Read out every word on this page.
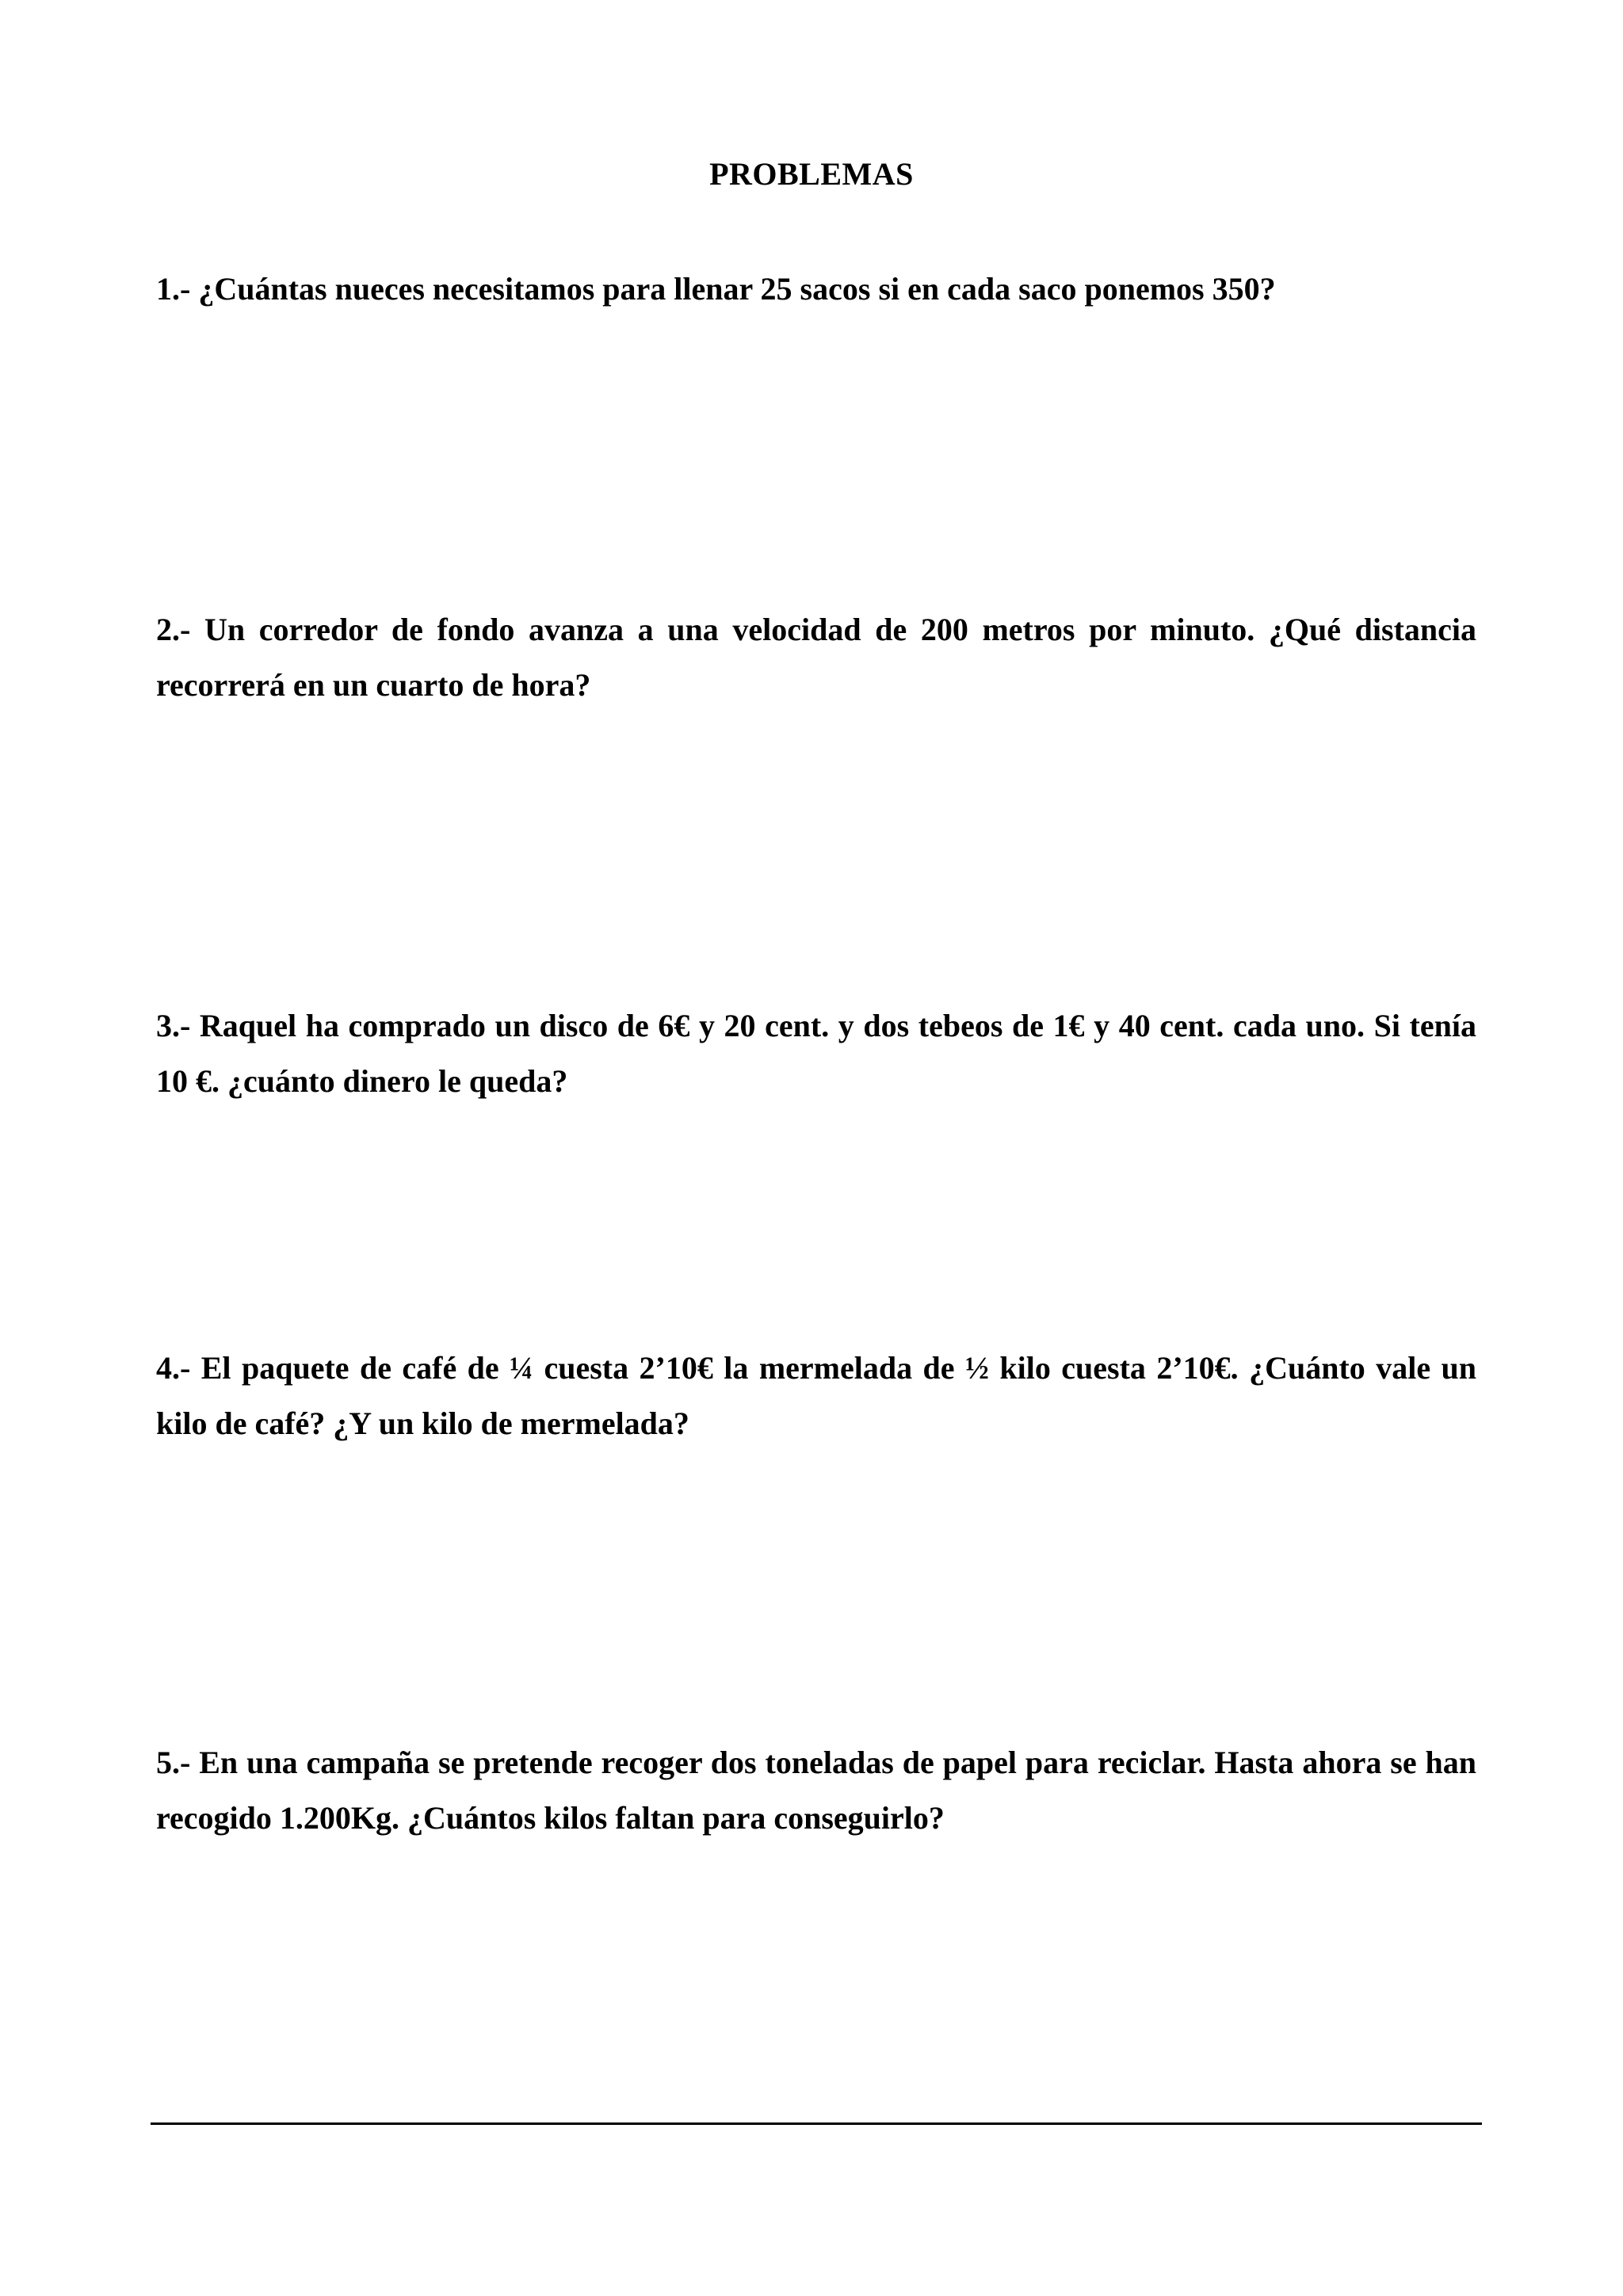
PROBLEMAS
1.- ¿Cuántas nueces necesitamos para llenar 25 sacos si en cada saco ponemos 350?
2.- Un corredor de fondo avanza a una velocidad de 200 metros por minuto. ¿Qué distancia recorrerá en un cuarto de hora?
3.- Raquel ha comprado un disco de 6€ y 20 cent. y dos tebeos de 1€ y 40 cent. cada uno. Si tenía 10 €. ¿cuánto dinero le queda?
4.- El paquete de café de ¼ cuesta 2’10€ la mermelada de ½ kilo cuesta 2’10€. ¿Cuánto vale un kilo de café? ¿Y un kilo de mermelada?
5.- En una campaña se pretende recoger dos toneladas de papel para reciclar. Hasta ahora se han recogido 1.200Kg. ¿Cuántos kilos faltan para conseguirlo?
